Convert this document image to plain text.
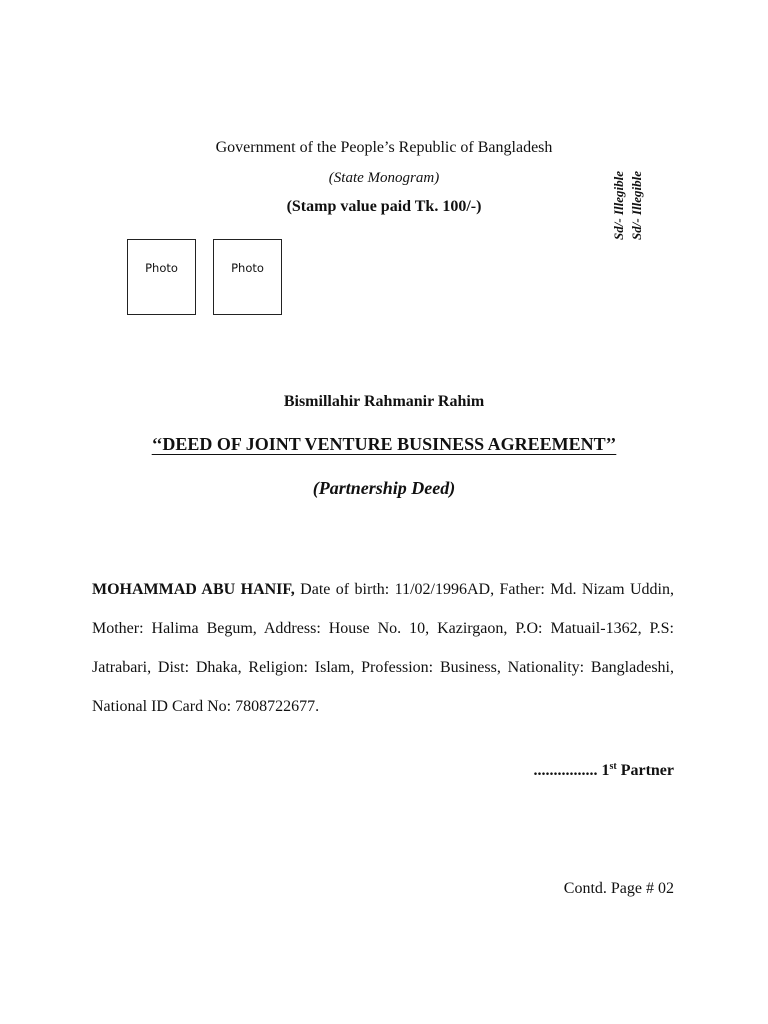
Government of the People’s Republic of Bangladesh
(State Monogram)
(Stamp value paid Tk. 100/-)	Sd/- Illegible Sd/- Illegible
Photo	Photo
Bismillahir Rahmanir Rahim
‘‘DEED OF JOINT VENTURE BUSINESS AGREEMENT’’
(Partnership Deed)

MOHAMMAD ABU HANIF, Date of birth: 11/02/1996AD, Father: Md. Nizam Uddin, Mother: Halima Begum, Address: House No. 10, Kazirgaon, P.O: Matuail-1362, P.S: Jatrabari, Dist: Dhaka, Religion: Islam, Profession: Business, Nationality: Bangladeshi, National ID Card No: 7808722677.

................ 1st Partner
Contd. Page # 02
